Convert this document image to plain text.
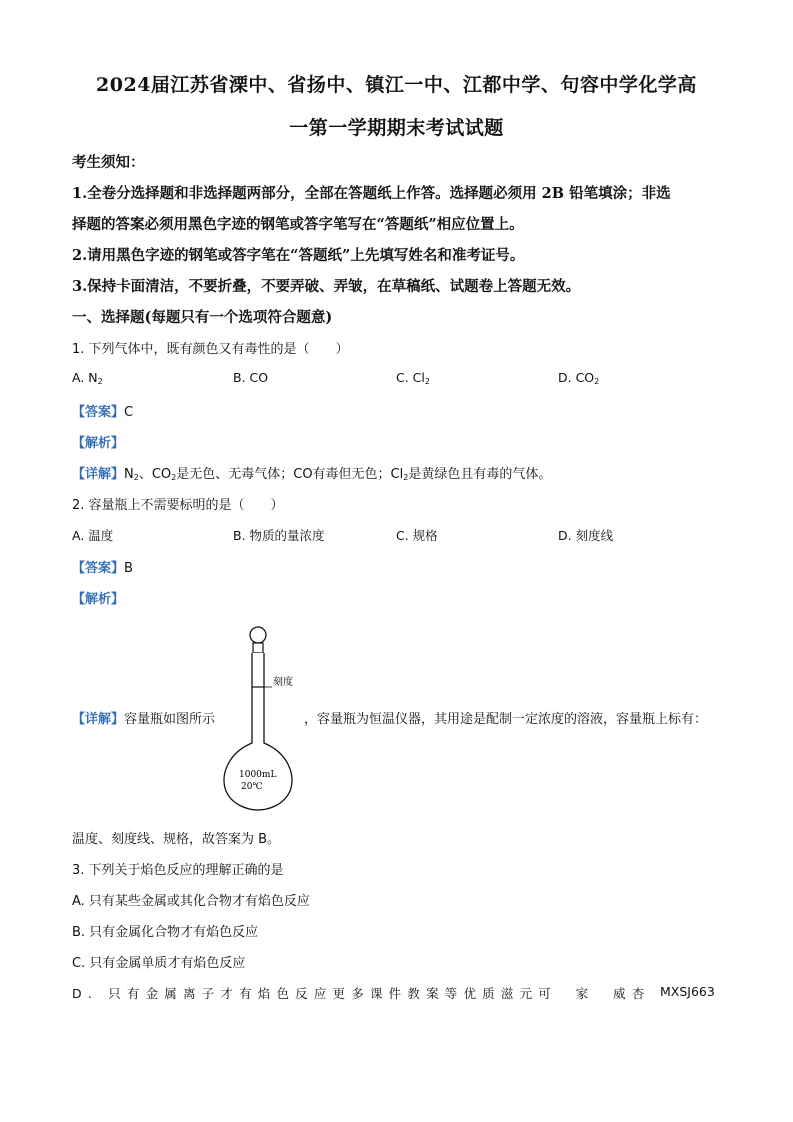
2024届江苏省溧中、省扬中、镇江一中、江都中学、句容中学化学高
一第一学期期末考试试题
考生须知：
1.全卷分选择题和非选择题两部分，全部在答题纸上作答。选择题必须用 2B 铅笔填涂；非选
择题的答案必须用黑色字迹的钢笔或答字笔写在“答题纸”相应位置上。
2.请用黑色字迹的钢笔或答字笔在“答题纸”上先填写姓名和准考证号。
3.保持卡面清洁，不要折叠，不要弄破、弄皱，在草稿纸、试题卷上答题无效。
一、选择题(每题只有一个选项符合题意)
1. 下列气体中，既有颜色又有毒性的是（　　）
A. $N_2$	B. CO	C. $Cl_2$	D. $CO_2$
【答案】C
【解析】
【详解】$N_2$、$CO_2$是无色、无毒气体；CO有毒但无色；$Cl_2$是黄绿色且有毒的气体。
2. 容量瓶上不需要标明的是（　　）
A. 温度	B. 物质的量浓度	C. 规格	D. 刻度线
【答案】B
【解析】
刻度
1000mL
20℃
【详解】容量瓶如图所示	，容量瓶为恒温仪器，其用途是配制一定浓度的溶液，容量瓶上标有：
温度、刻度线、规格，故答案为 B。
3. 下列关于焰色反应的理解正确的是
A. 只有某些金属或其化合物才有焰色反应
B. 只有金属化合物才有焰色反应
C. 只有金属单质才有焰色反应
D. 只有金属离子才有焰色反应更多课件教案等优质滋元可　家　威杏 MXSJ663
